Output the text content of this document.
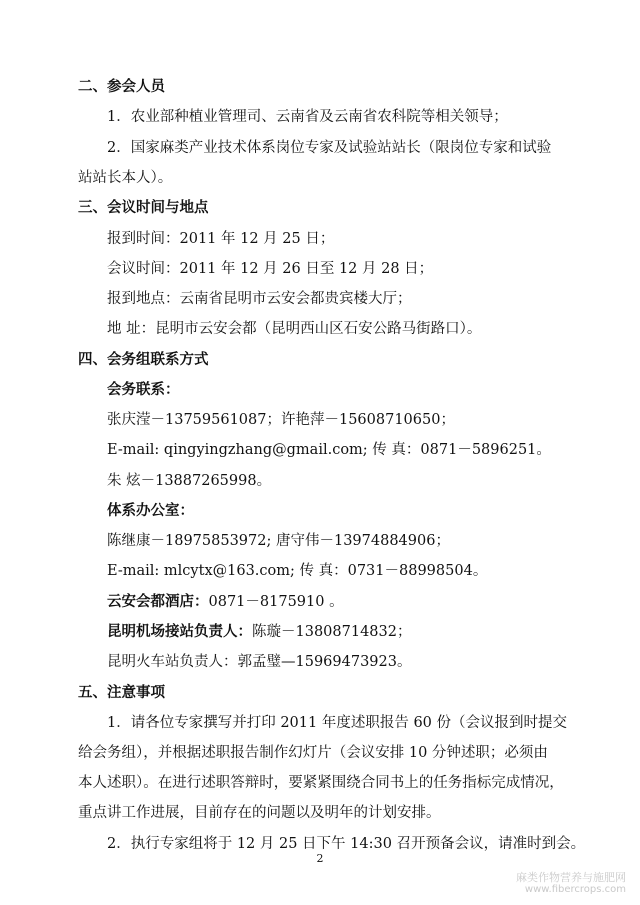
二、参会人员
1．农业部种植业管理司、云南省及云南省农科院等相关领导；
2．国家麻类产业技术体系岗位专家及试验站站长（限岗位专家和试验
站站长本人）。
三、会议时间与地点
报到时间：2011 年 12 月 25 日；
会议时间：2011 年 12 月 26 日至 12 月 28 日；
报到地点：云南省昆明市云安会都贵宾楼大厅；
地 址：昆明市云安会都（昆明西山区石安公路马街路口）。
四、会务组联系方式
会务联系：
张庆滢－13759561087；许艳萍－15608710650；
E-mail: qingyingzhang@gmail.com; 传 真：0871－5896251。
朱 炫－13887265998。
体系办公室：
陈继康－18975853972; 唐守伟－13974884906；
E-mail: mlcytx@163.com; 传 真：0731－88998504。
云安会都酒店：0871－8175910 。
昆明机场接站负责人：陈璇－13808714832；
昆明火车站负责人：郭孟璧—15969473923。
五、注意事项
1．请各位专家撰写并打印 2011 年度述职报告 60 份（会议报到时提交
给会务组），并根据述职报告制作幻灯片（会议安排 10 分钟述职；必须由
本人述职）。在进行述职答辩时，要紧紧围绕合同书上的任务指标完成情况，
重点讲工作进展，目前存在的问题以及明年的计划安排。
2．执行专家组将于 12 月 25 日下午 14:30 召开预备会议，请准时到会。
2
麻类作物营养与施肥网
www.fibercrops.com
